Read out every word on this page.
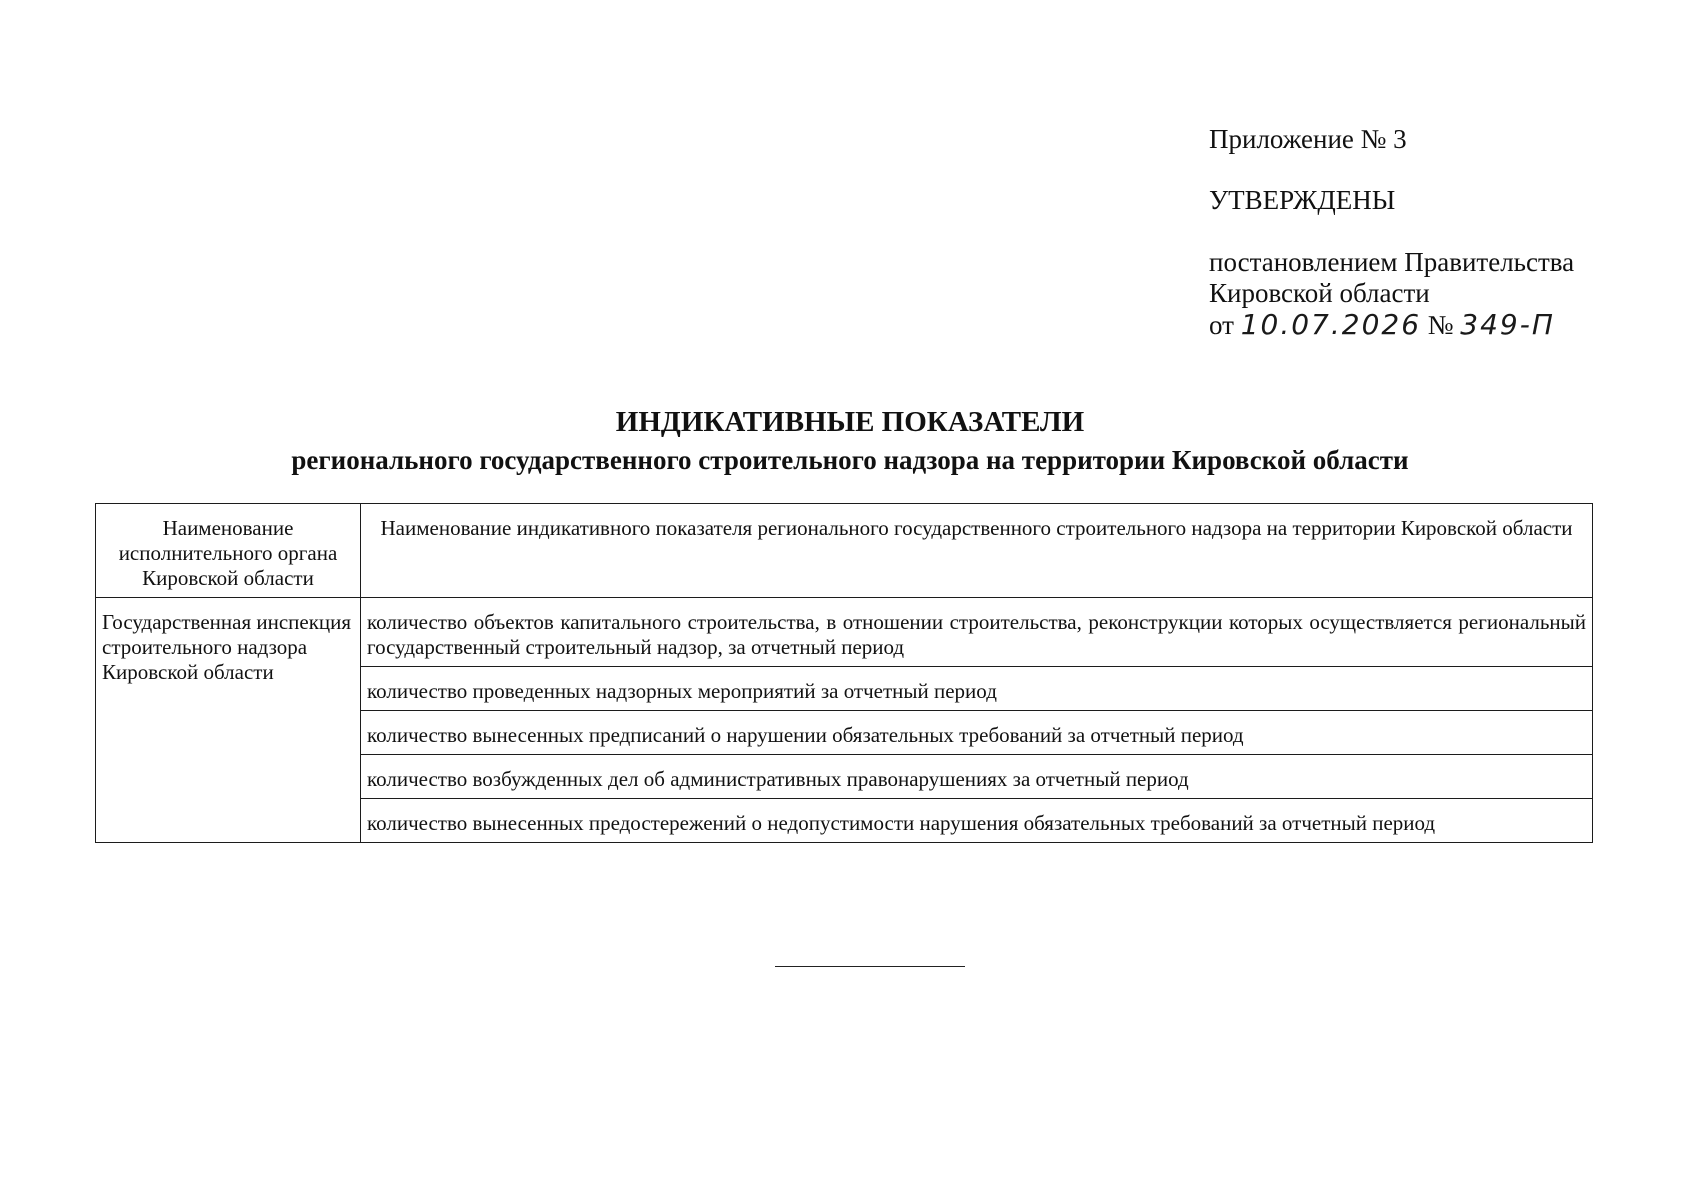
Приложение № 3
УТВЕРЖДЕНЫ
постановлением Правительства
Кировской области
от 10.07.2026 № 349-П
ИНДИКАТИВНЫЕ ПОКАЗАТЕЛИ
регионального государственного строительного надзора на территории Кировской области
Наименование исполнительного органа Кировской области	Наименование индикативного показателя регионального государственного строительного надзора на территории Кировской области
Государственная инспекция строительного надзора Кировской области	количество объектов капитального строительства, в отношении строительства, реконструкции которых осуществляется региональный государственный строительный надзор, за отчетный период
	количество проведенных надзорных мероприятий за отчетный период
	количество вынесенных предписаний о нарушении обязательных требований за отчетный период
	количество возбужденных дел об административных правонарушениях за отчетный период
	количество вынесенных предостережений о недопустимости нарушения обязательных требований за отчетный период
